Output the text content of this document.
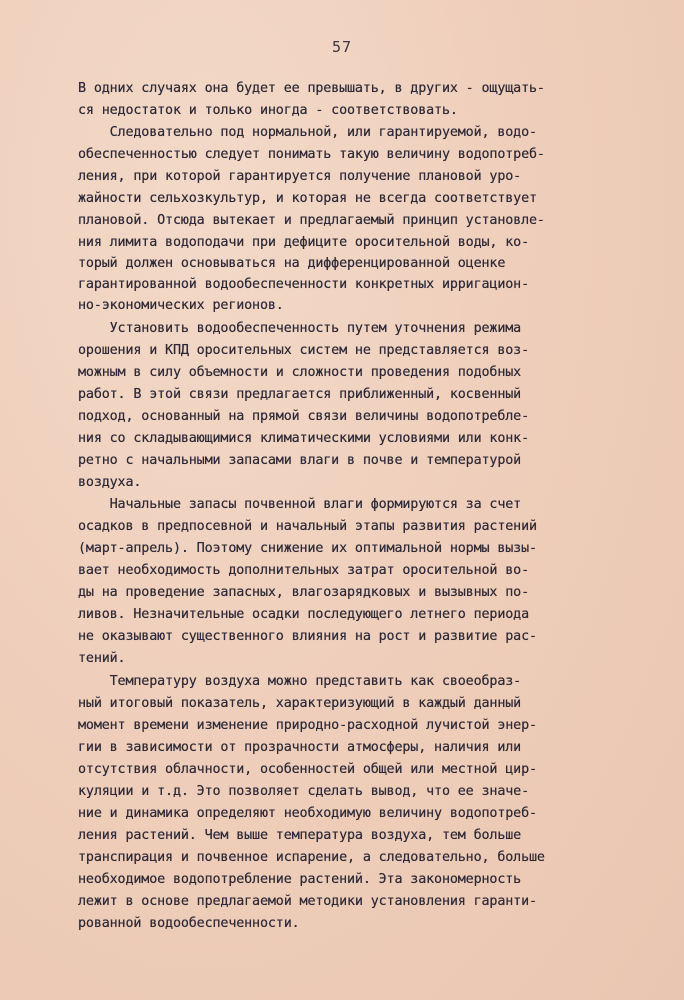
57
В одних случаях она будет ее превышать, в других - ощущать-
ся недостаток и только иногда - соответствовать.
Следовательно под нормальной, или гарантируемой, водо-
обеспеченностью следует понимать такую величину водопотреб-
ления, при которой гарантируется получение плановой уро-
жайности сельхозкультур, и которая не всегда соответствует
плановой. Отсюда вытекает и предлагаемый принцип установле-
ния лимита водоподачи при дефиците оросительной воды, ко-
торый должен основываться на дифференцированной оценке
гарантированной водообеспеченности конкретных ирригацион-
но-экономических регионов.
Установить водообеспеченность путем уточнения режима
орошения и КПД оросительных систем не представляется воз-
можным в силу объемности и сложности проведения подобных
работ. В этой связи предлагается приближенный, косвенный
подход, основанный на прямой связи величины водопотребле-
ния со складывающимися климатическими условиями или конк-
ретно с начальными запасами влаги в почве и температурой
воздуха.
Начальные запасы почвенной влаги формируются за счет
осадков в предпосевной и начальный этапы развития растений
(март-апрель). Поэтому снижение их оптимальной нормы вызы-
вает необходимость дополнительных затрат оросительной во-
ды на проведение запасных, влагозарядковых и вызывных по-
ливов. Незначительные осадки последующего летнего периода
не оказывают существенного влияния на рост и развитие рас-
тений.
Температуру воздуха можно представить как своеобраз-
ный итоговый показатель, характеризующий в каждый данный
момент времени изменение природно-расходной лучистой энер-
гии в зависимости от прозрачности атмосферы, наличия или
отсутствия облачности, особенностей общей или местной цир-
куляции и т.д. Это позволяет сделать вывод, что ее значе-
ние и динамика определяют необходимую величину водопотреб-
ления растений. Чем выше температура воздуха, тем больше
транспирация и почвенное испарение, а следовательно, больше
необходимое водопотребление растений. Эта закономерность
лежит в основе предлагаемой методики установления гаранти-
рованной водообеспеченности.
